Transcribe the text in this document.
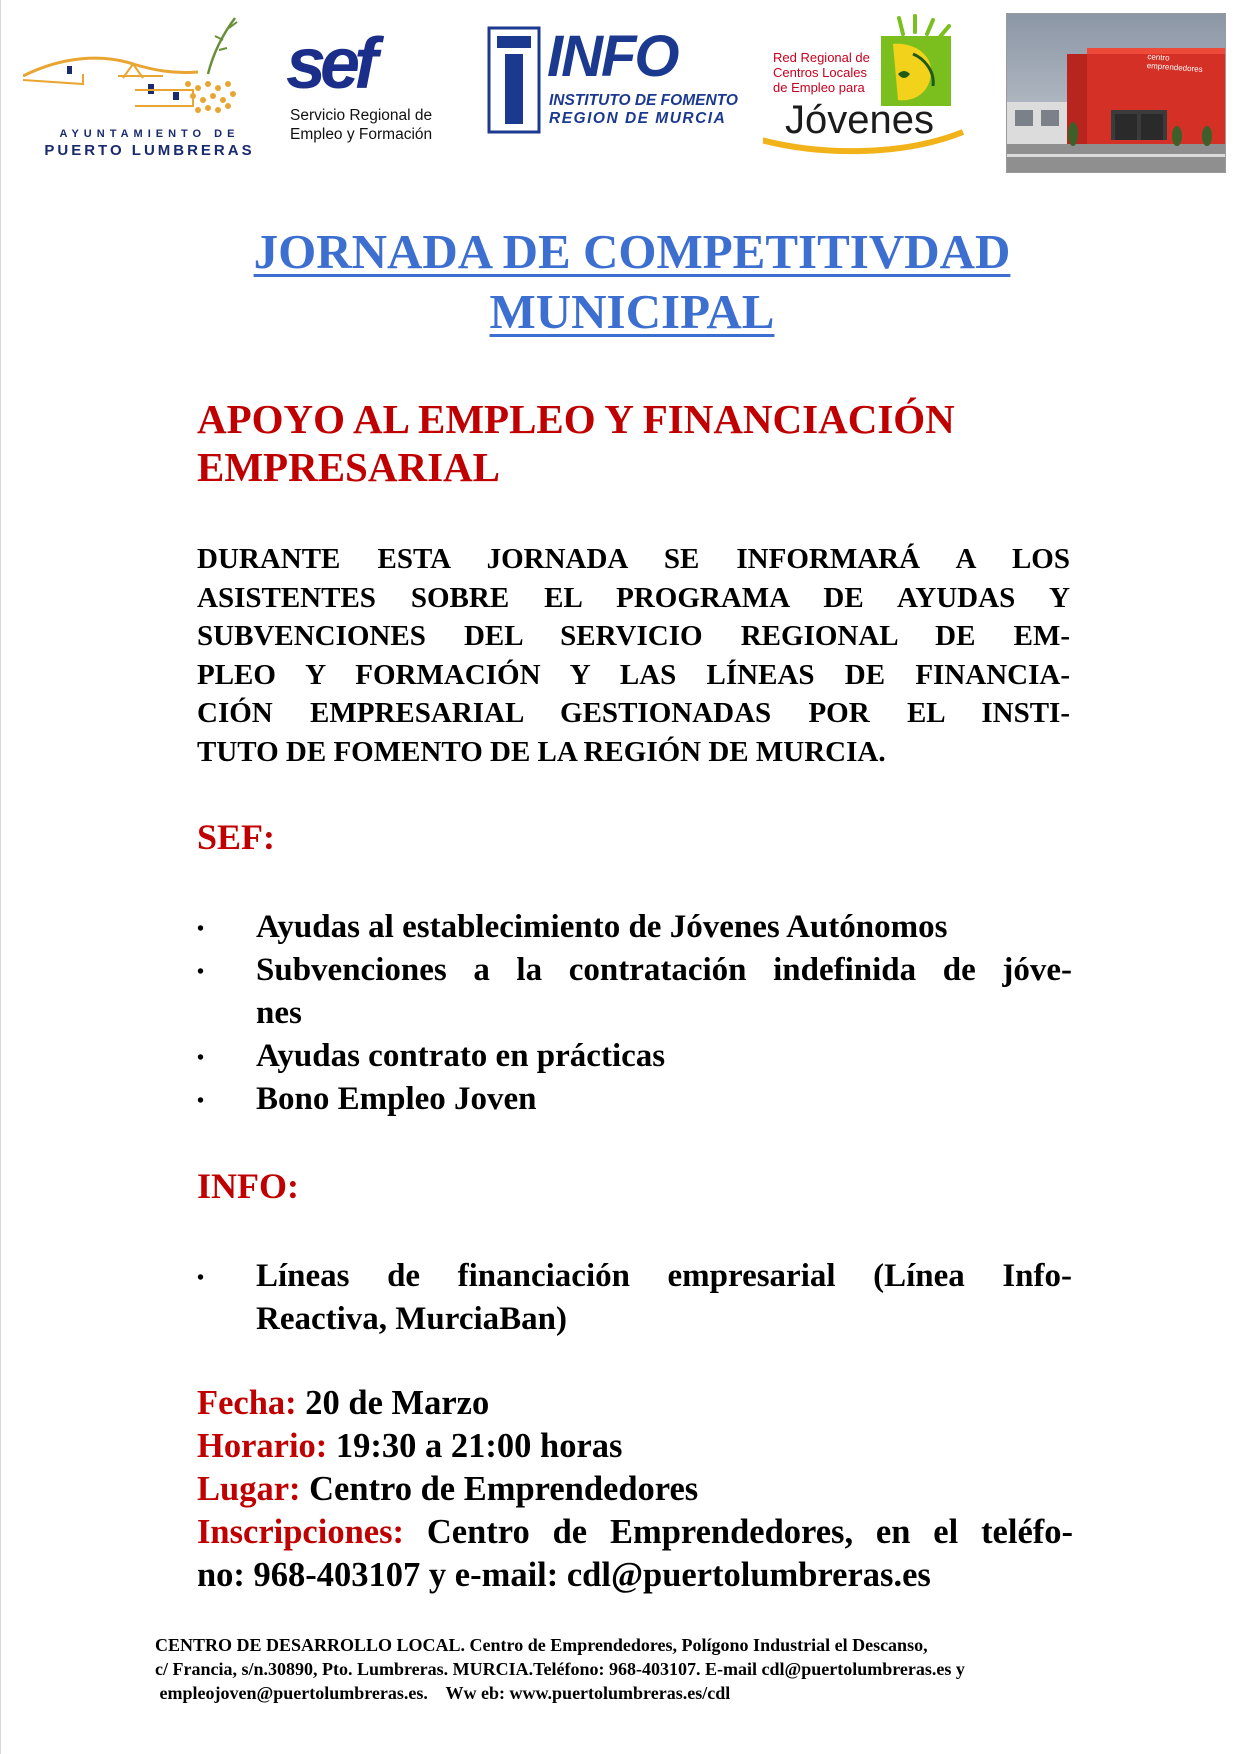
AYUNTAMIENTO DE
PUERTO LUMBRERAS
sef
Servicio Regional de
Empleo y Formación
INFO
INSTITUTO DE FOMENTO
REGION DE MURCIA
Red Regional de
Centros Locales
de Empleo para
Jóvenes
centro
emprendedores
JORNADA DE COMPETITIVDAD
MUNICIPAL
APOYO AL EMPLEO Y FINANCIACIÓN
EMPRESARIAL

DURANTE ESTA JORNADA SE INFORMARÁ A LOS
ASISTENTES SOBRE EL PROGRAMA DE AYUDAS Y
SUBVENCIONES DEL SERVICIO REGIONAL DE EM-
PLEO Y FORMACIÓN Y LAS LÍNEAS DE FINANCIA-
CIÓN EMPRESARIAL GESTIONADAS POR EL INSTI-
TUTO DE FOMENTO DE LA REGIÓN DE MURCIA.

SEF:
• Ayudas al establecimiento de Jóvenes Autónomos
• Subvenciones a la contratación indefinida de jóve-
nes
• Ayudas contrato en prácticas
• Bono Empleo Joven
INFO:
• Líneas de financiación empresarial (Línea Info-
Reactiva, MurciaBan)
Fecha: 20 de Marzo
Horario: 19:30 a 21:00 horas
Lugar: Centro de Emprendedores
Inscripciones: Centro de Emprendedores, en el teléfo-
no: 968-403107 y e-mail: cdl@puertolumbreras.es
CENTRO DE DESARROLLO LOCAL. Centro de Emprendedores, Polígono Industrial el Descanso,
c/ Francia, s/n.30890, Pto. Lumbreras. MURCIA.Teléfono: 968-403107. E-mail cdl@puertolumbreras.es y
empleojoven@puertolumbreras.es.    Ww eb: www.puertolumbreras.es/cdl
